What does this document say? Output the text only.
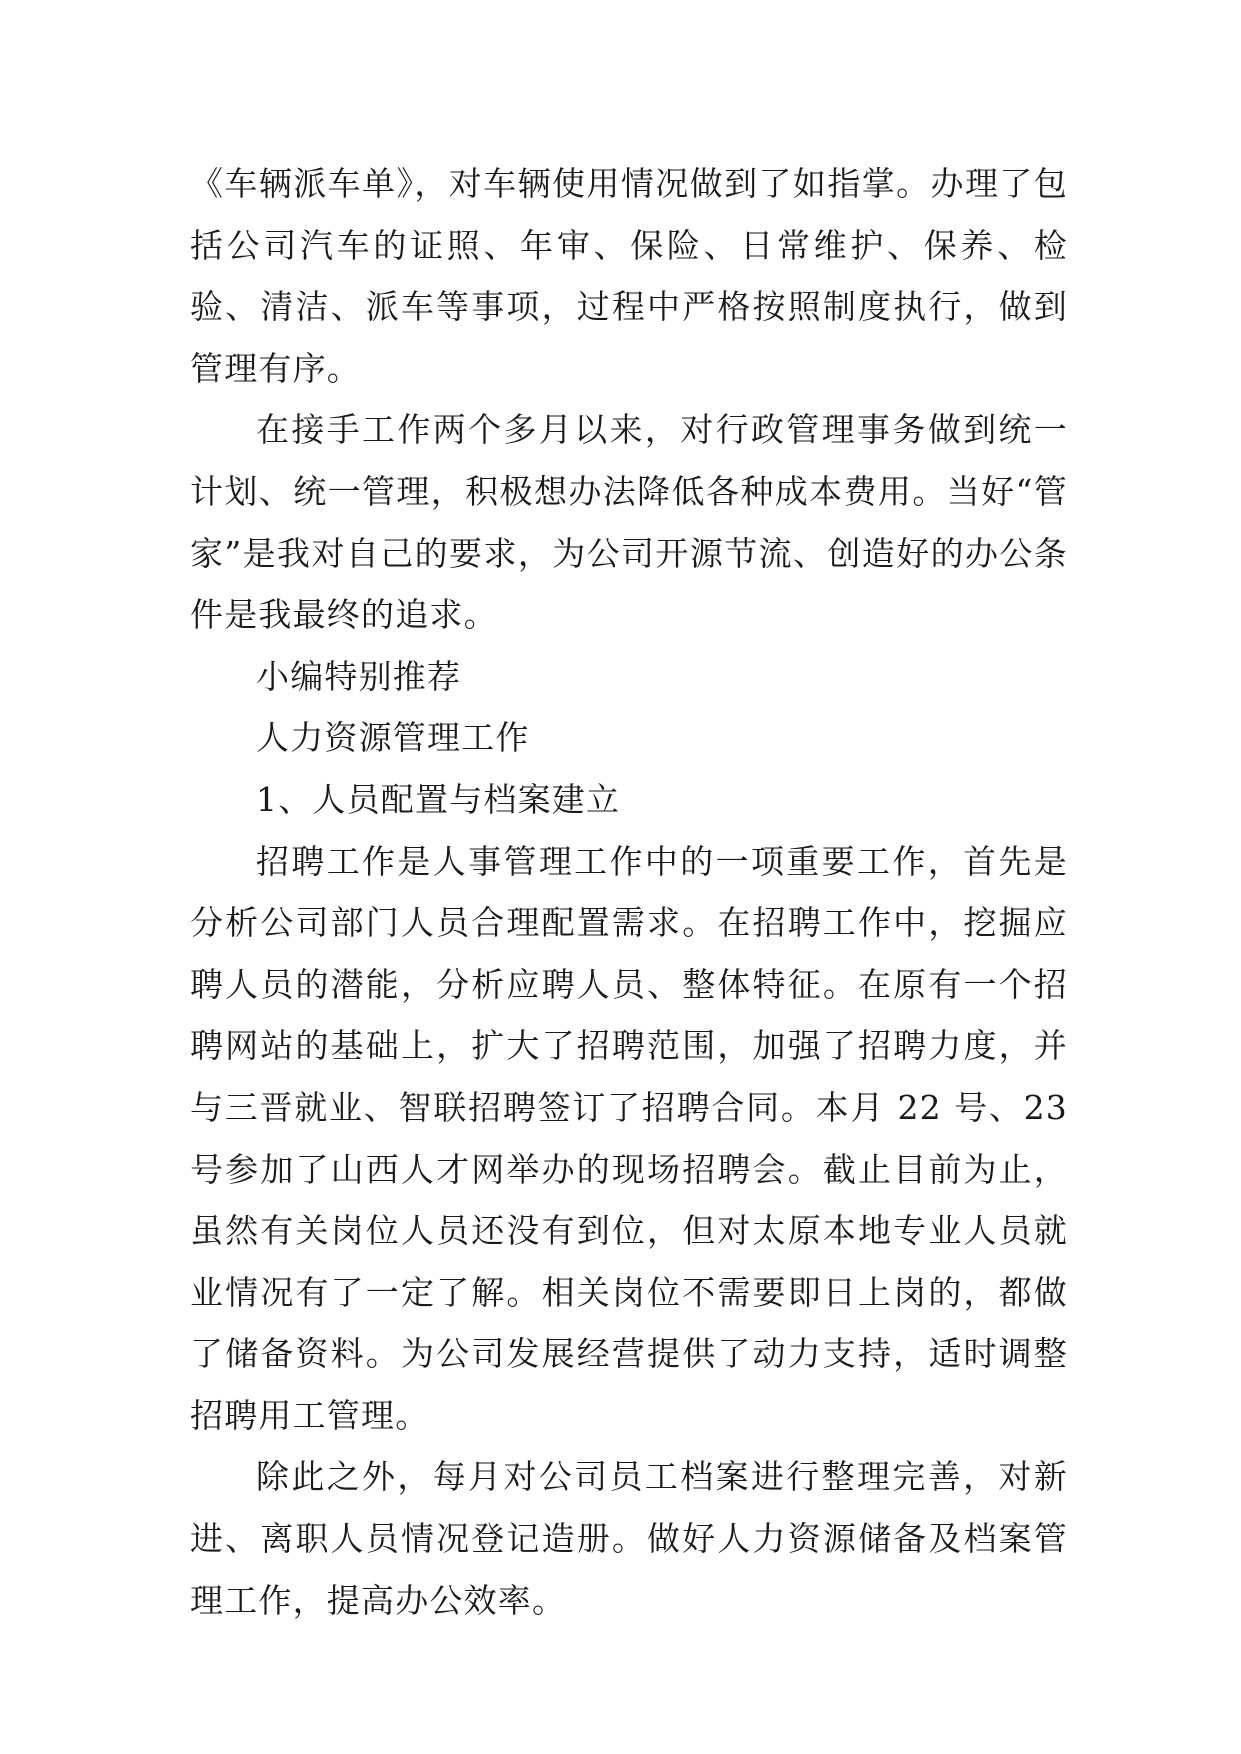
《车辆派车单》，对车辆使用情况做到了如指掌。办理了包括公司汽车的证照、年审、保险、日常维护、保养、检验、清洁、派车等事项，过程中严格按照制度执行，做到管理有序。

在接手工作两个多月以来，对行政管理事务做到统一计划、统一管理，积极想办法降低各种成本费用。当好“管家”是我对自己的要求，为公司开源节流、创造好的办公条件是我最终的追求。

小编特别推荐

人力资源管理工作

1、人员配置与档案建立

招聘工作是人事管理工作中的一项重要工作，首先是分析公司部门人员合理配置需求。在招聘工作中，挖掘应聘人员的潜能，分析应聘人员、整体特征。在原有一个招聘网站的基础上，扩大了招聘范围，加强了招聘力度，并与三晋就业、智联招聘签订了招聘合同。本月 22 号、23 号参加了山西人才网举办的现场招聘会。截止目前为止，虽然有关岗位人员还没有到位，但对太原本地专业人员就业情况有了一定了解。相关岗位不需要即日上岗的，都做了储备资料。为公司发展经营提供了动力支持，适时调整招聘用工管理。

除此之外，每月对公司员工档案进行整理完善，对新进、离职人员情况登记造册。做好人力资源储备及档案管理工作，提高办公效率。
